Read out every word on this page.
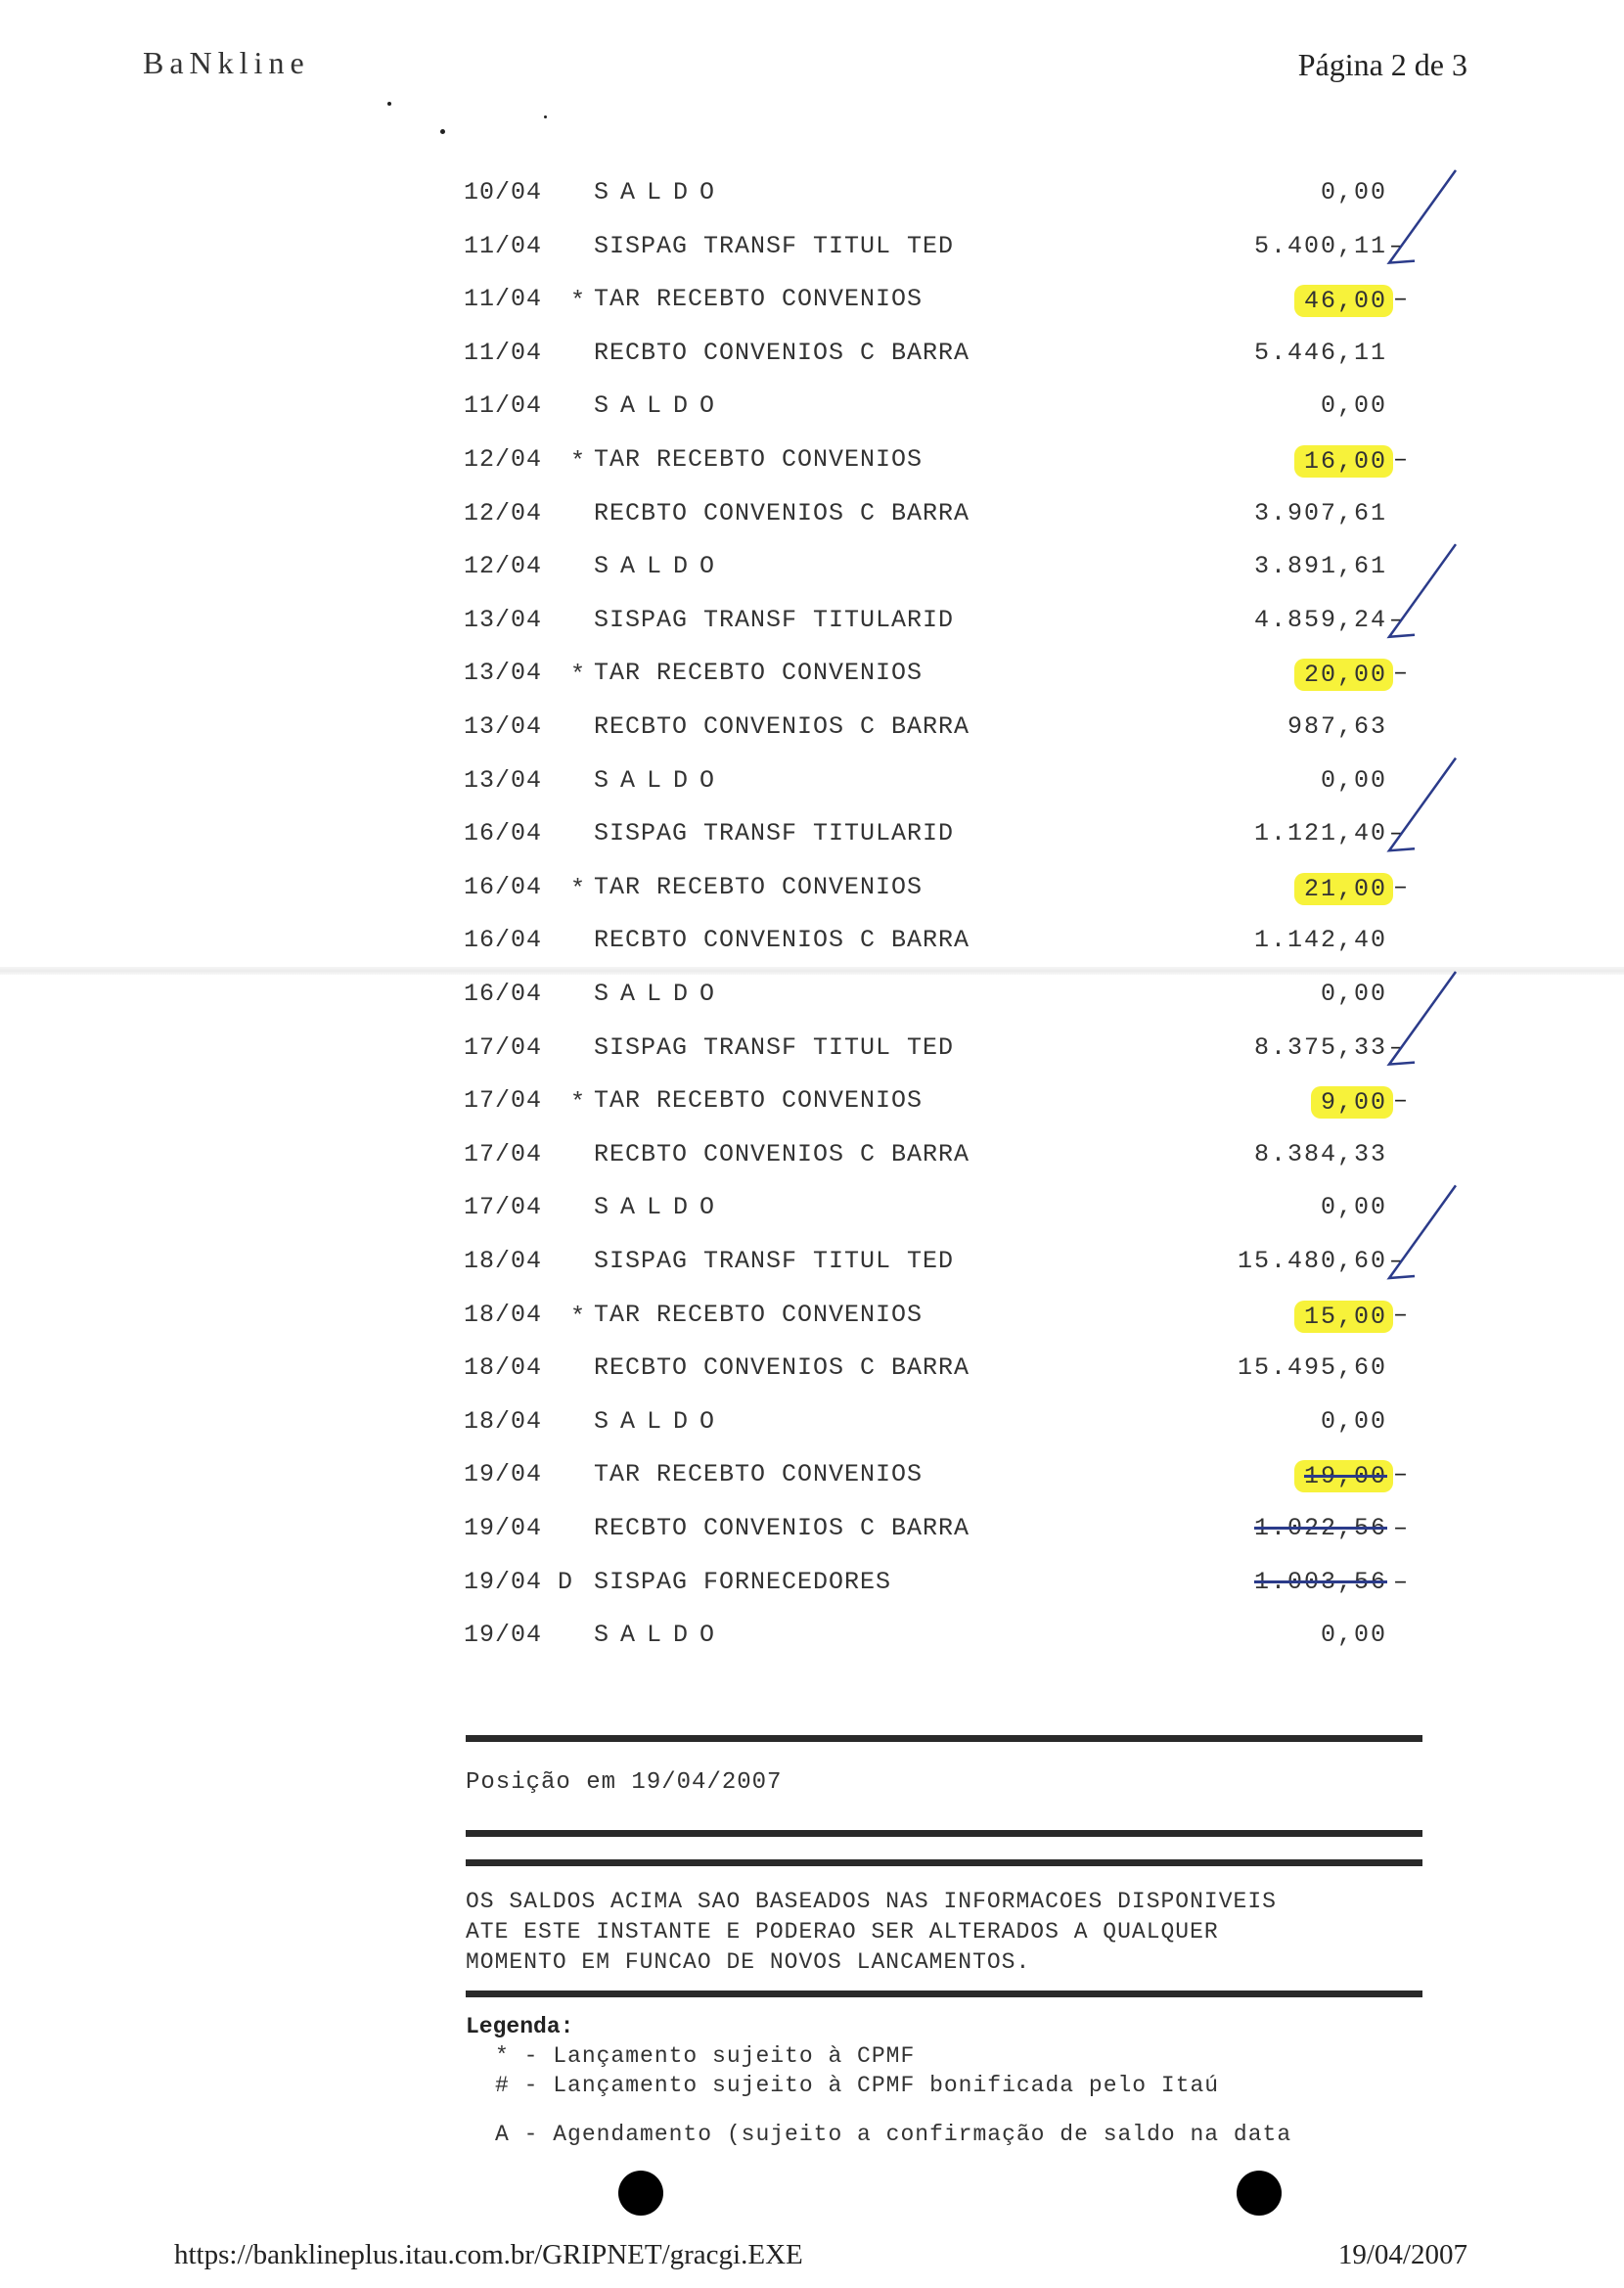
BaNkline	Página 2 de 3
10/04 SALDO	0,00
11/04 SISPAG TRANSF TITUL TED	5.400,11 –
11/04 * TAR RECEBTO CONVENIOS	46,00 –
11/04 RECBTO CONVENIOS C BARRA	5.446,11
11/04 SALDO	0,00
12/04 * TAR RECEBTO CONVENIOS	16,00 –
12/04 RECBTO CONVENIOS C BARRA	3.907,61
12/04 SALDO	3.891,61
13/04 SISPAG TRANSF TITULARID	4.859,24 –
13/04 * TAR RECEBTO CONVENIOS	20,00 –
13/04 RECBTO CONVENIOS C BARRA	987,63
13/04 SALDO	0,00
16/04 SISPAG TRANSF TITULARID	1.121,40 –
16/04 * TAR RECEBTO CONVENIOS	21,00 –
16/04 RECBTO CONVENIOS C BARRA	1.142,40
16/04 SALDO	0,00
17/04 SISPAG TRANSF TITUL TED	8.375,33 –
17/04 * TAR RECEBTO CONVENIOS	9,00 –
17/04 RECBTO CONVENIOS C BARRA	8.384,33
17/04 SALDO	0,00
18/04 SISPAG TRANSF TITUL TED	15.480,60 –
18/04 * TAR RECEBTO CONVENIOS	15,00 –
18/04 RECBTO CONVENIOS C BARRA	15.495,60
18/04 SALDO	0,00
19/04 TAR RECEBTO CONVENIOS	19,00 –
19/04 RECBTO CONVENIOS C BARRA	1.022,56 –
19/04 D SISPAG FORNECEDORES	1.003,56 –
19/04 SALDO	0,00
Posição em 19/04/2007
OS SALDOS ACIMA SAO BASEADOS NAS INFORMACOES DISPONIVEIS
ATE ESTE INSTANTE E PODERAO SER ALTERADOS A QUALQUER
MOMENTO EM FUNCAO DE NOVOS LANCAMENTOS.
Legenda:
* - Lançamento sujeito à CPMF
# - Lançamento sujeito à CPMF bonificada pelo Itaú
A - Agendamento (sujeito a confirmação de saldo na data
https://banklineplus.itau.com.br/GRIPNET/gracgi.EXE	19/04/2007
